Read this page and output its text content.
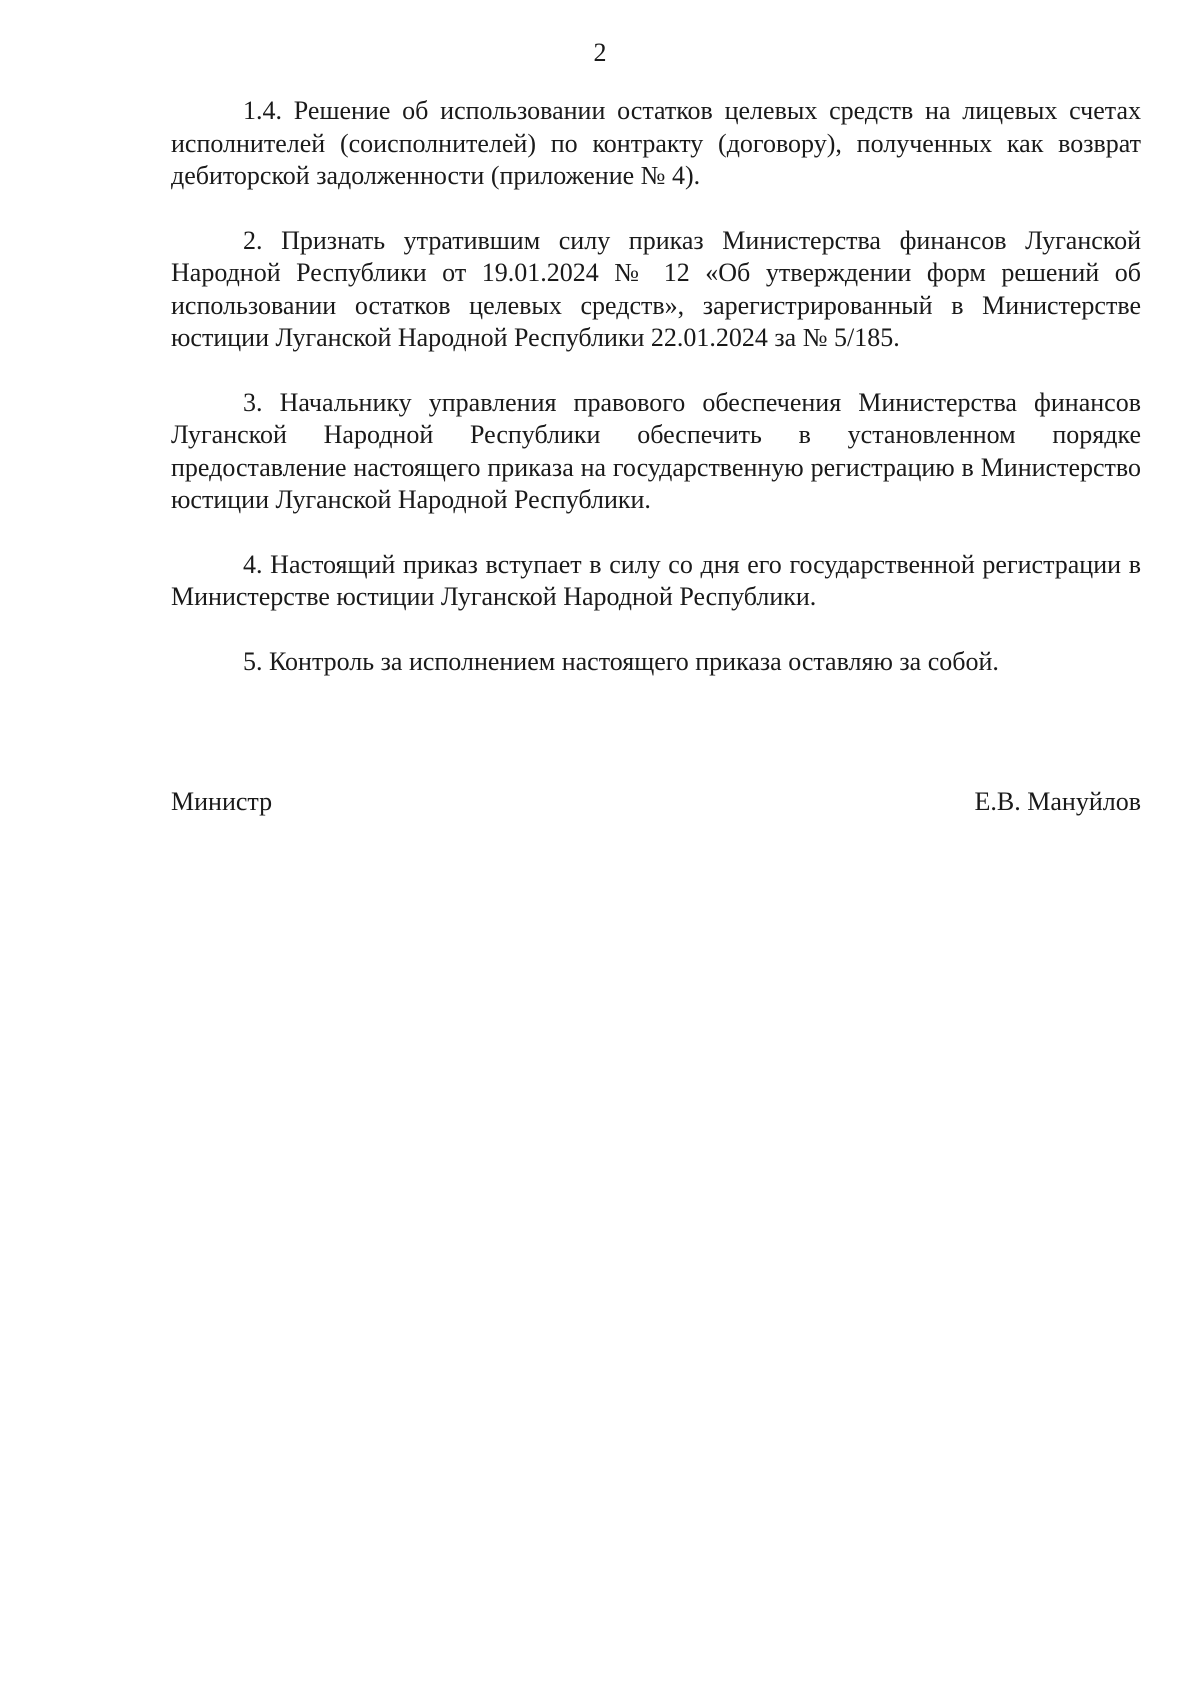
2

1.4. Решение об использовании остатков целевых средств на лицевых счетах исполнителей (соисполнителей) по контракту (договору), полученных как возврат дебиторской задолженности (приложение № 4).

2. Признать утратившим силу приказ Министерства финансов Луганской Народной Республики от 19.01.2024 № 12 «Об утверждении форм решений об использовании остатков целевых средств», зарегистрированный в Министерстве юстиции Луганской Народной Республики 22.01.2024 за № 5/185.

3. Начальнику управления правового обеспечения Министерства финансов Луганской Народной Республики обеспечить в установленном порядке предоставление настоящего приказа на государственную регистрацию в Министерство юстиции Луганской Народной Республики.

4. Настоящий приказ вступает в силу со дня его государственной регистрации в Министерстве юстиции Луганской Народной Республики.

5. Контроль за исполнением настоящего приказа оставляю за собой.

Министр	Е.В. Мануйлов
